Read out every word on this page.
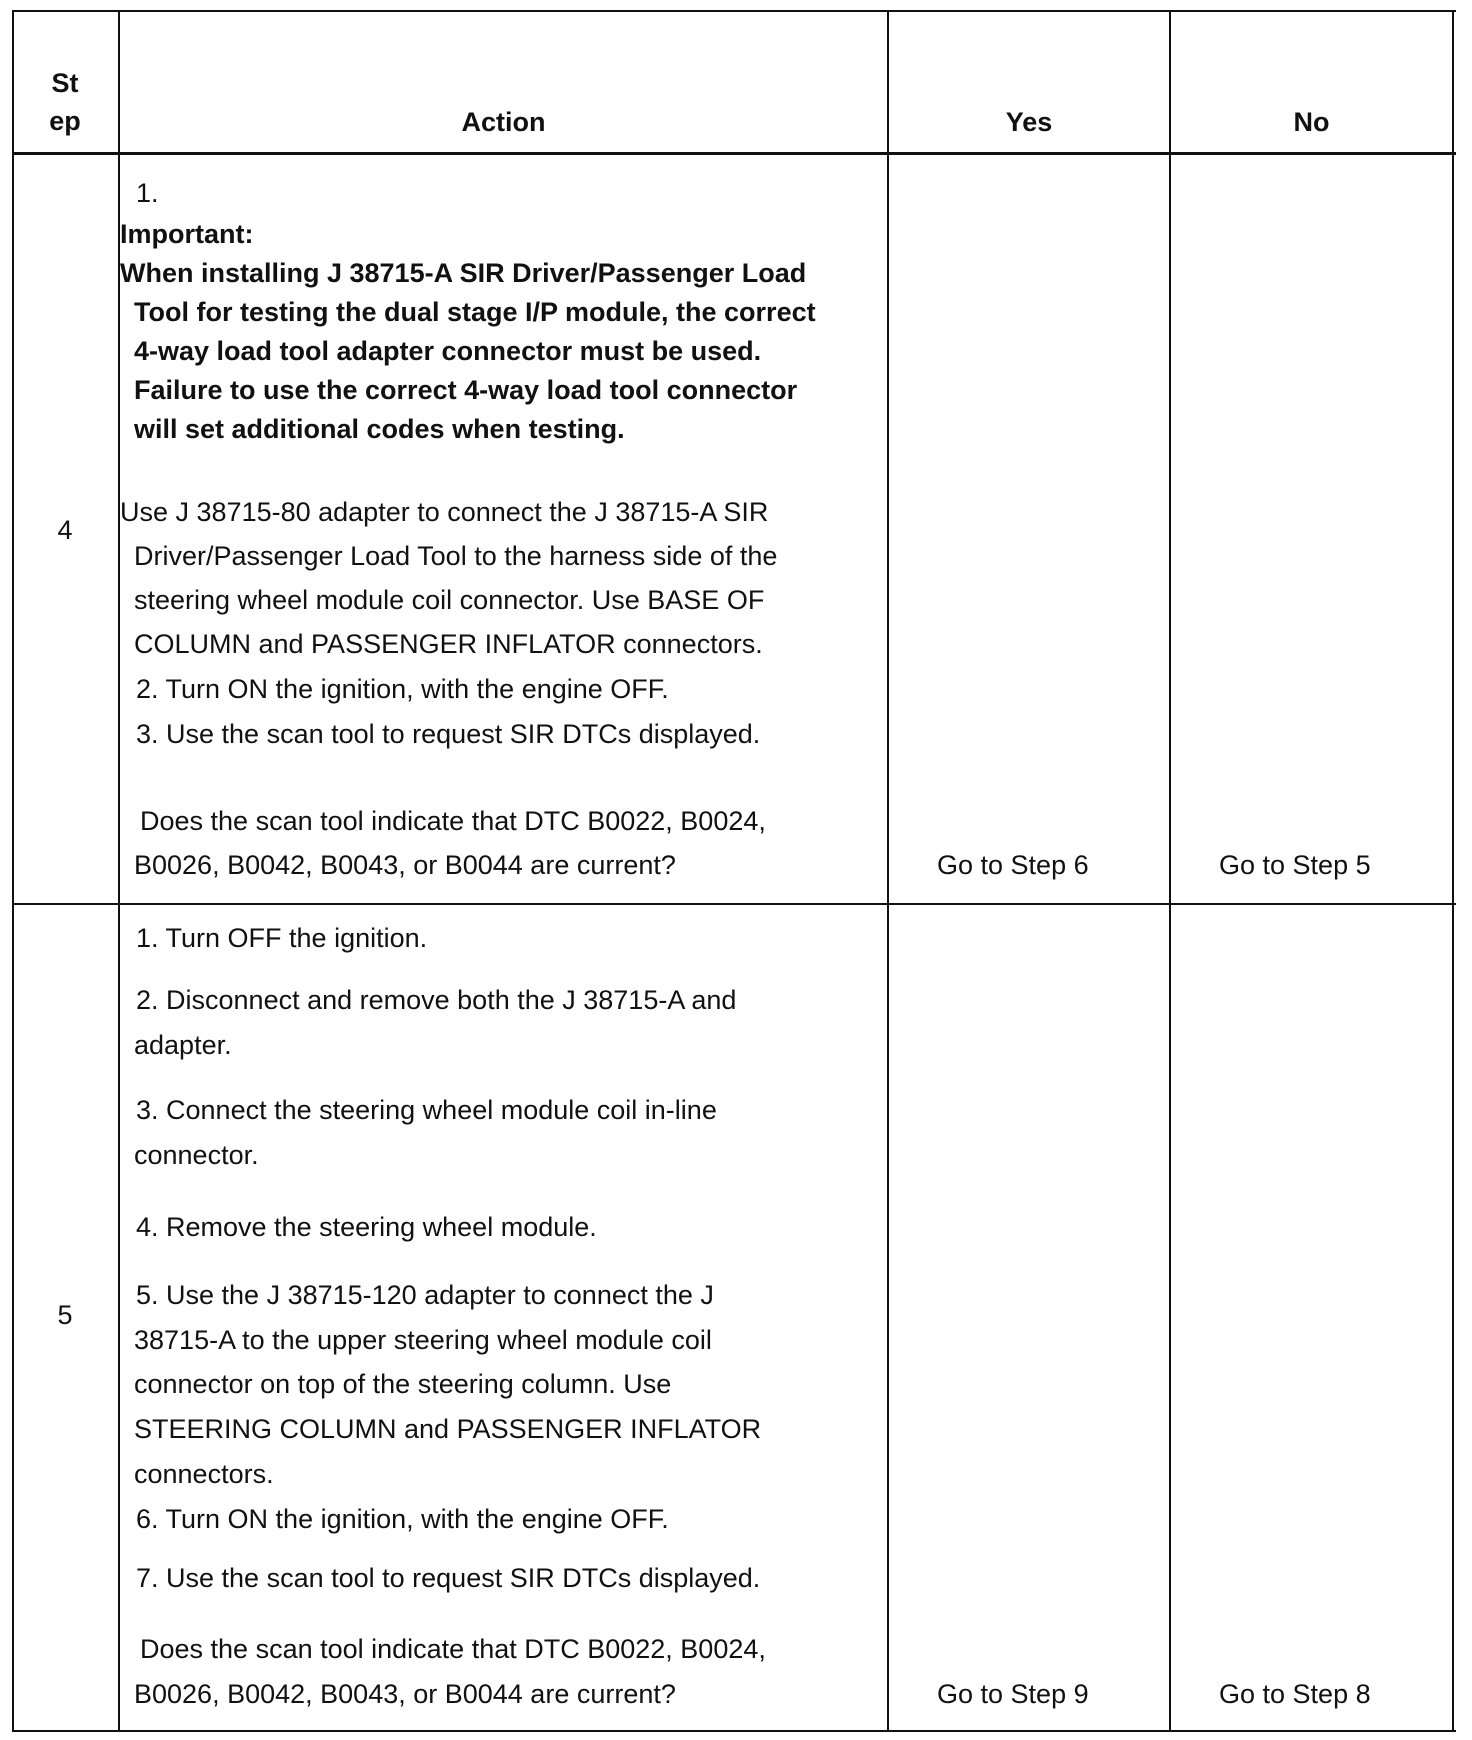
St
ep	Action	Yes	No
4
1.
Important:
When installing J 38715-A SIR Driver/Passenger Load
Tool for testing the dual stage I/P module, the correct
4-way load tool adapter connector must be used.
Failure to use the correct 4-way load tool connector
will set additional codes when testing.
Use J 38715-80 adapter to connect the J 38715-A SIR
Driver/Passenger Load Tool to the harness side of the
steering wheel module coil connector. Use BASE OF
COLUMN and PASSENGER INFLATOR connectors.
2. Turn ON the ignition, with the engine OFF.
3. Use the scan tool to request SIR DTCs displayed.
Does the scan tool indicate that DTC B0022, B0024,
B0026, B0042, B0043, or B0044 are current?	Go to Step 6	Go to Step 5
5
1. Turn OFF the ignition.
2. Disconnect and remove both the J 38715-A and
adapter.
3. Connect the steering wheel module coil in-line
connector.
4. Remove the steering wheel module.
5. Use the J 38715-120 adapter to connect the J
38715-A to the upper steering wheel module coil
connector on top of the steering column. Use
STEERING COLUMN and PASSENGER INFLATOR
connectors.
6. Turn ON the ignition, with the engine OFF.
7. Use the scan tool to request SIR DTCs displayed.
Does the scan tool indicate that DTC B0022, B0024,
B0026, B0042, B0043, or B0044 are current?	Go to Step 9	Go to Step 8
